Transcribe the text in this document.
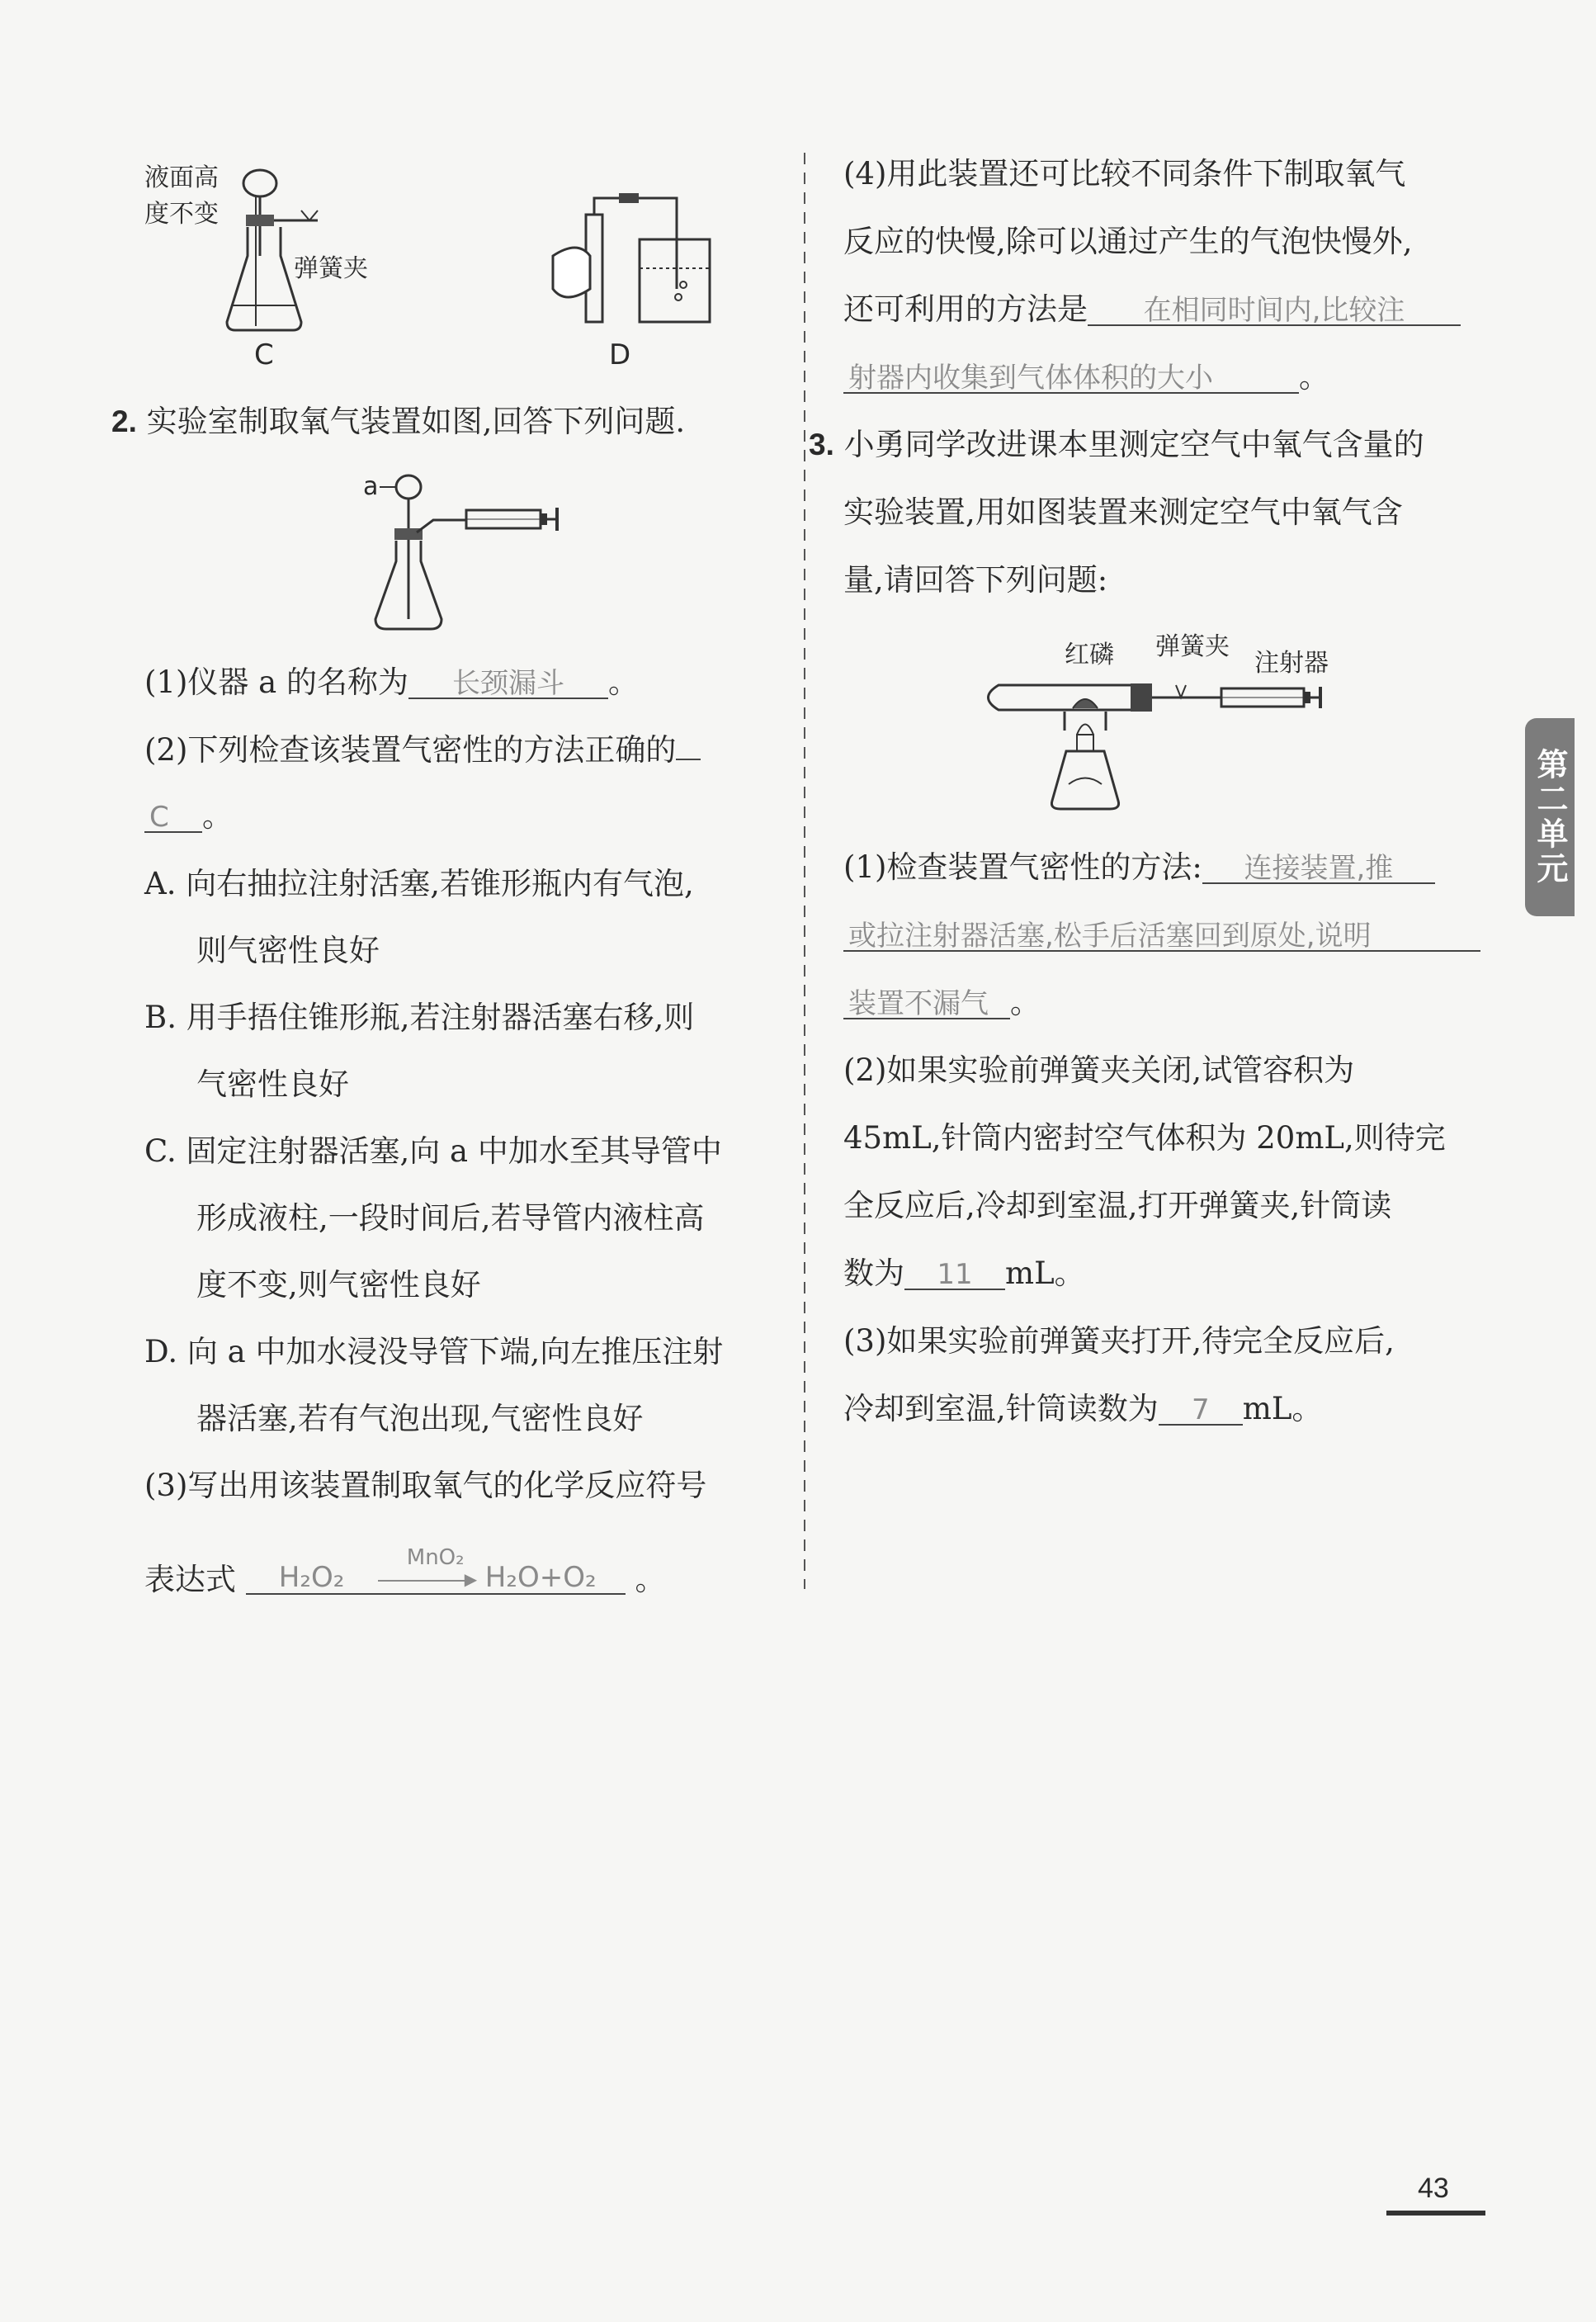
液面高
度不变
弹簧夹
C	D
2. 实验室制取氧气装置如图,回答下列问题.
a
(1)仪器 a 的名称为 长颈漏斗 。
(2)下列检查该装置气密性的方法正确的
C 。
A. 向右抽拉注射活塞,若锥形瓶内有气泡,
则气密性良好
B. 用手捂住锥形瓶,若注射器活塞右移,则
气密性良好
C. 固定注射器活塞,向 a 中加水至其导管中
形成液柱,一段时间后,若导管内液柱高
度不变,则气密性良好
D. 向 a 中加水浸没导管下端,向左推压注射
器活塞,若有气泡出现,气密性良好
(3)写出用该装置制取氧气的化学反应符号
表达式 H₂O₂
MnO₂
▶ H₂O+O₂ 。
(4)用此装置还可比较不同条件下制取氧气
反应的快慢,除可以通过产生的气泡快慢外,
还可利用的方法是 在相同时间内,比较注
射器内收集到气体体积的大小	。
3. 小勇同学改进课本里测定空气中氧气含量的
实验装置,用如图装置来测定空气中氧气含
量,请回答下列问题:
红磷 弹簧夹
注射器
(1)检查装置气密性的方法: 连接装置,推
或拉注射器活塞,松手后活塞回到原处,说明
装置不漏气 。
(2)如果实验前弹簧夹关闭,试管容积为
45mL,针筒内密封空气体积为 20mL,则待完
全反应后,冷却到室温,打开弹簧夹,针筒读
数为 11 mL。
(3)如果实验前弹簧夹打开,待完全反应后,
冷却到室温,针筒读数为 7 mL。
第二单元
43
